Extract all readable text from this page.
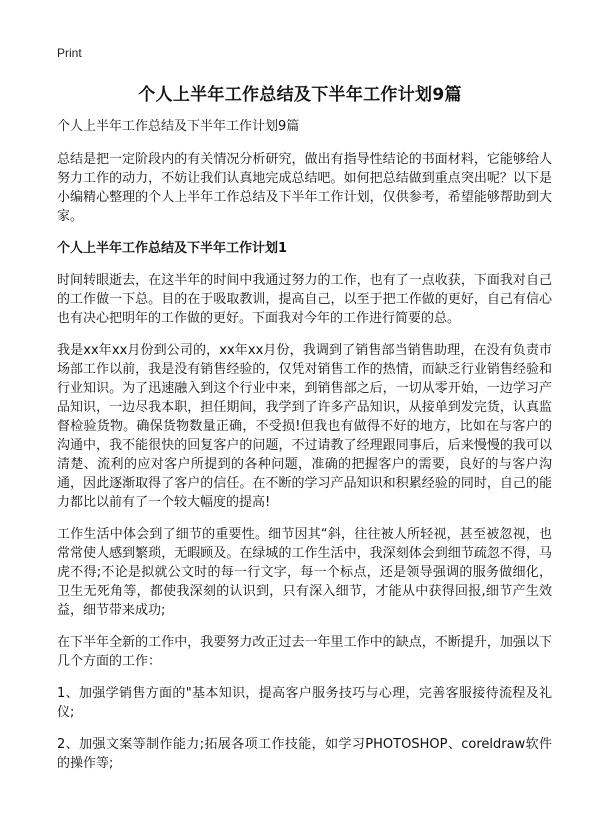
Print
个人上半年工作总结及下半年工作计划9篇
个人上半年工作总结及下半年工作计划9篇

总结是把一定阶段内的有关情况分析研究，做出有指导性结论的书面材料，它能够给人努力工作的动力，不妨让我们认真地完成总结吧。如何把总结做到重点突出呢？以下是小编精心整理的个人上半年工作总结及下半年工作计划，仅供参考，希望能够帮助到大家。

个人上半年工作总结及下半年工作计划1

时间转眼逝去，在这半年的时间中我通过努力的工作，也有了一点收获，下面我对自己的工作做一下总。目的在于吸取教训，提高自己，以至于把工作做的更好，自己有信心也有决心把明年的工作做的更好。下面我对今年的工作进行简要的总。

我是xx年xx月份到公司的，xx年xx月份，我调到了销售部当销售助理，在没有负责市场部工作以前，我是没有销售经验的，仅凭对销售工作的热情，而缺乏行业销售经验和行业知识。为了迅速融入到这个行业中来，到销售部之后，一切从零开始，一边学习产品知识，一边尽我本职，担任期间，我学到了许多产品知识，从接单到发完货，认真监督检验货物。确保货物数量正确，不受损!但我也有做得不好的地方，比如在与客户的沟通中，我不能很快的回复客户的问题，不过请教了经理跟同事后，后来慢慢的我可以清楚、流利的应对客户所提到的各种问题，准确的把握客户的需要，良好的与客户沟通，因此逐渐取得了客户的信任。在不断的学习产品知识和积累经验的同时，自己的能力都比以前有了一个较大幅度的提高!

工作生活中体会到了细节的重要性。细节因其“斜，往往被人所轻视，甚至被忽视，也常常使人感到繁琐，无暇顾及。在绿城的工作生活中，我深刻体会到细节疏忽不得，马虎不得;不论是拟就公文时的每一行文字，每一个标点，还是领导强调的服务做细化，卫生无死角等，都使我深刻的认识到，只有深入细节，才能从中获得回报,细节产生效益，细节带来成功;

在下半年全新的工作中，我要努力改正过去一年里工作中的缺点，不断提升，加强以下几个方面的工作：

1、加强学销售方面的"基本知识，提高客户服务技巧与心理，完善客服接待流程及礼仪;

2、加强文案等制作能力;拓展各项工作技能，如学习PHOTOSHOP、coreldraw软件的操作等;
